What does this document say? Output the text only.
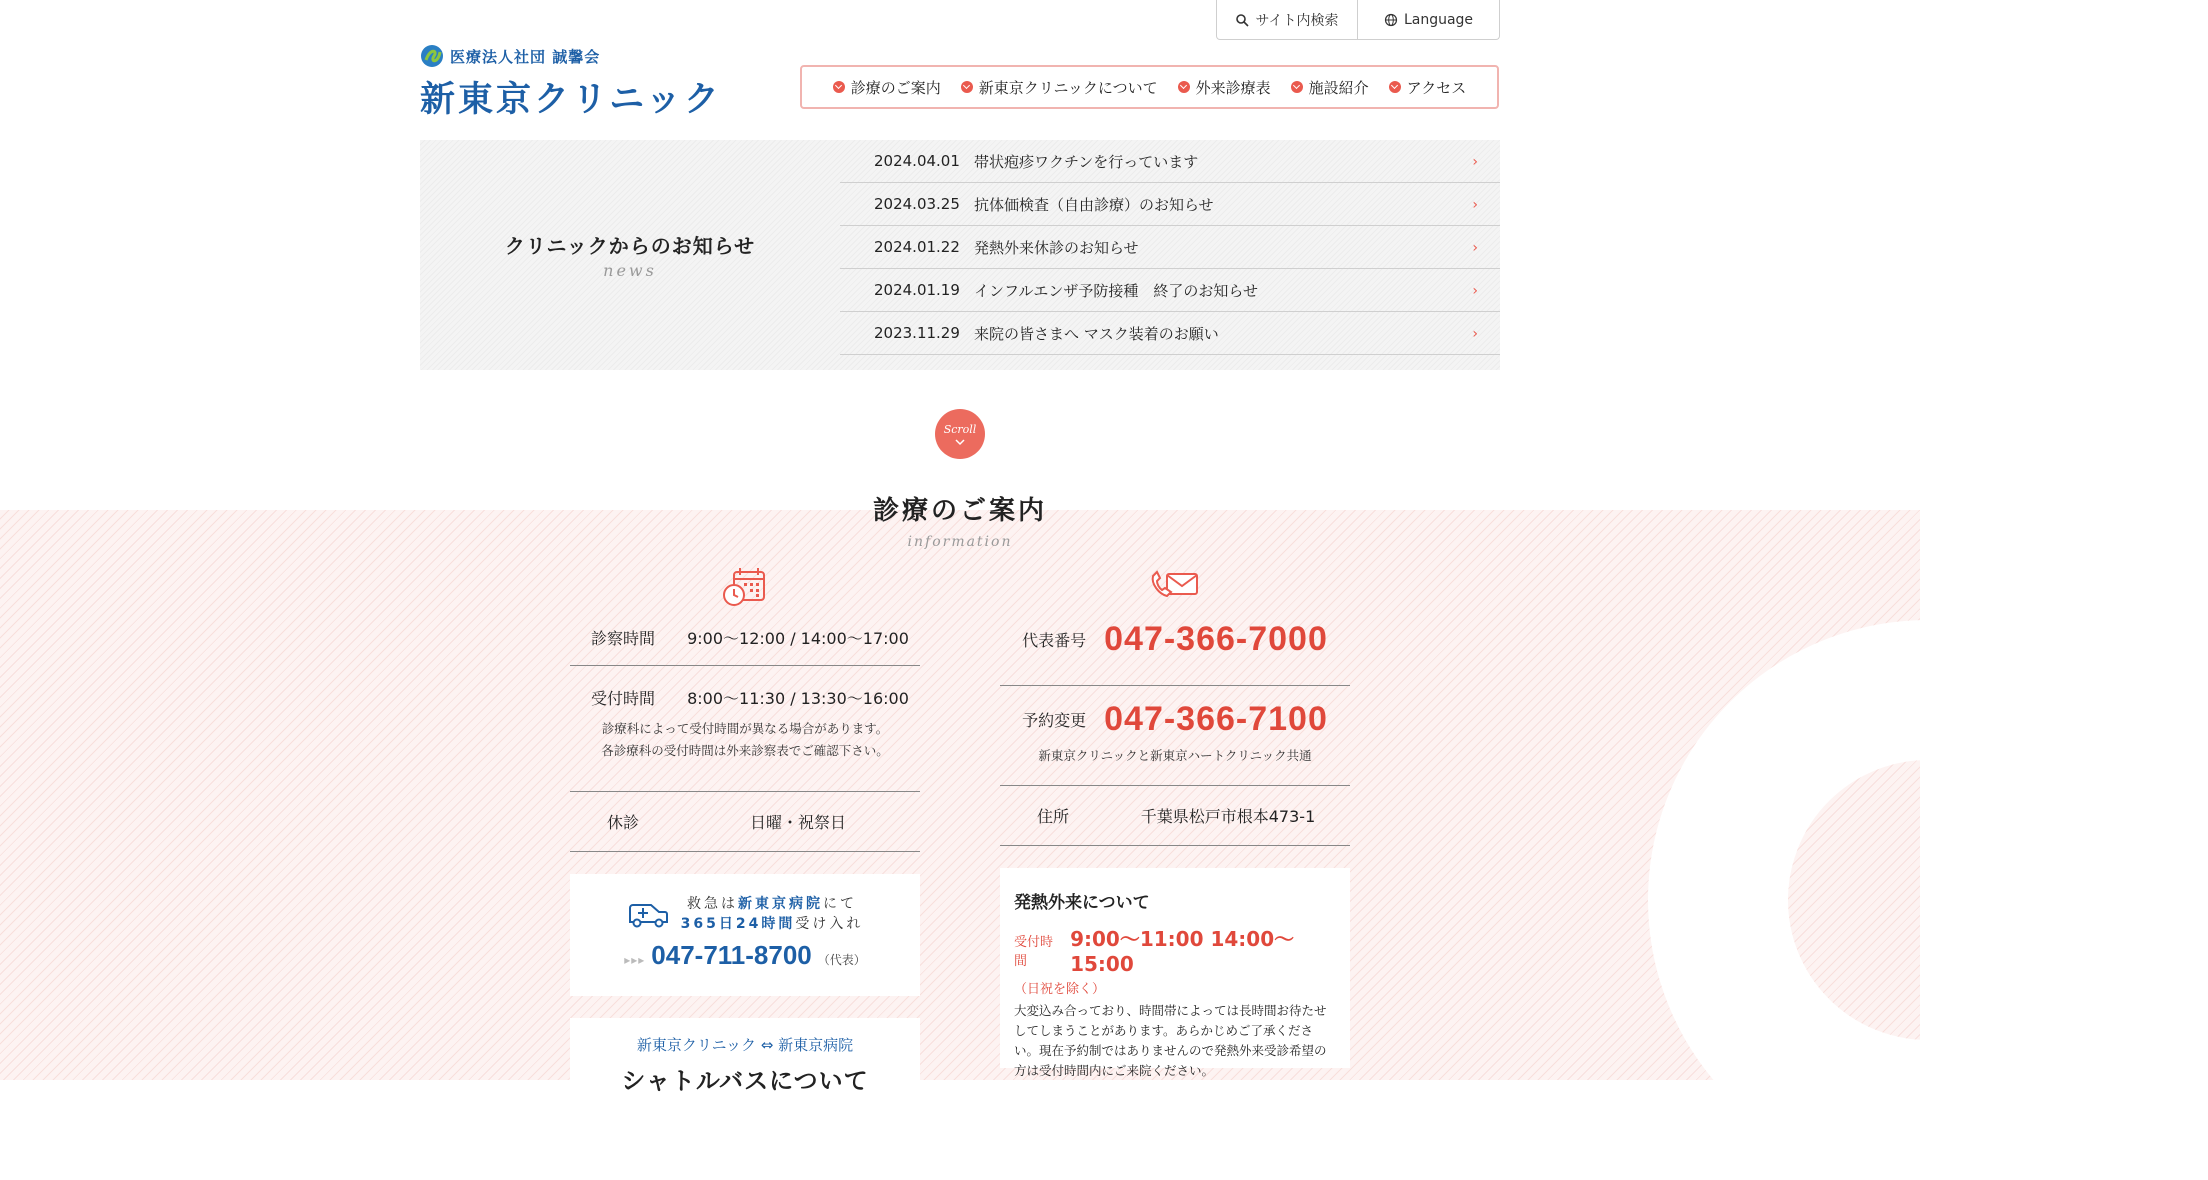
サイト内検索	Language
医療法人社団 誠馨会
新東京クリニック	診療のご案内	新東京クリニックについて	外来診療表	施設紹介	アクセス
クリニックからのお知らせ
news
2024.04.01 帯状疱疹ワクチンを行っています	›
2024.03.25 抗体価検査（自由診療）のお知らせ	›
2024.01.22 発熱外来休診のお知らせ	›
2024.01.19 インフルエンザ予防接種　終了のお知らせ	›
2023.11.29 来院の皆さまへ マスク装着のお願い	›
Scroll
診療のご案内
information
診察時間	9:00〜12:00 / 14:00〜17:00
受付時間	8:00〜11:30 / 13:30〜16:00
診療科によって受付時間が異なる場合があります。
各診療科の受付時間は外来診察表でご確認下さい。
休診	日曜・祝祭日
救急は新東京病院にて
365日24時間受け入れ
▸▸▸ 047-711-8700 （代表）
新東京クリニック ⇔ 新東京病院
シャトルバスについて
代表番号 047-366-7000
予約変更 047-366-7100
新東京クリニックと新東京ハートクリニック共通
住所	千葉県松戸市根本473-1
発熱外来について
受付時間
9:00〜11:00 14:00〜15:00
（日祝を除く）
大変込み合っており、時間帯によっては長時間お待たせしてしまうことがあります。あらかじめご了承ください。現在予約制ではありませんので発熱外来受診希望の方は受付時間内にご来院ください。
